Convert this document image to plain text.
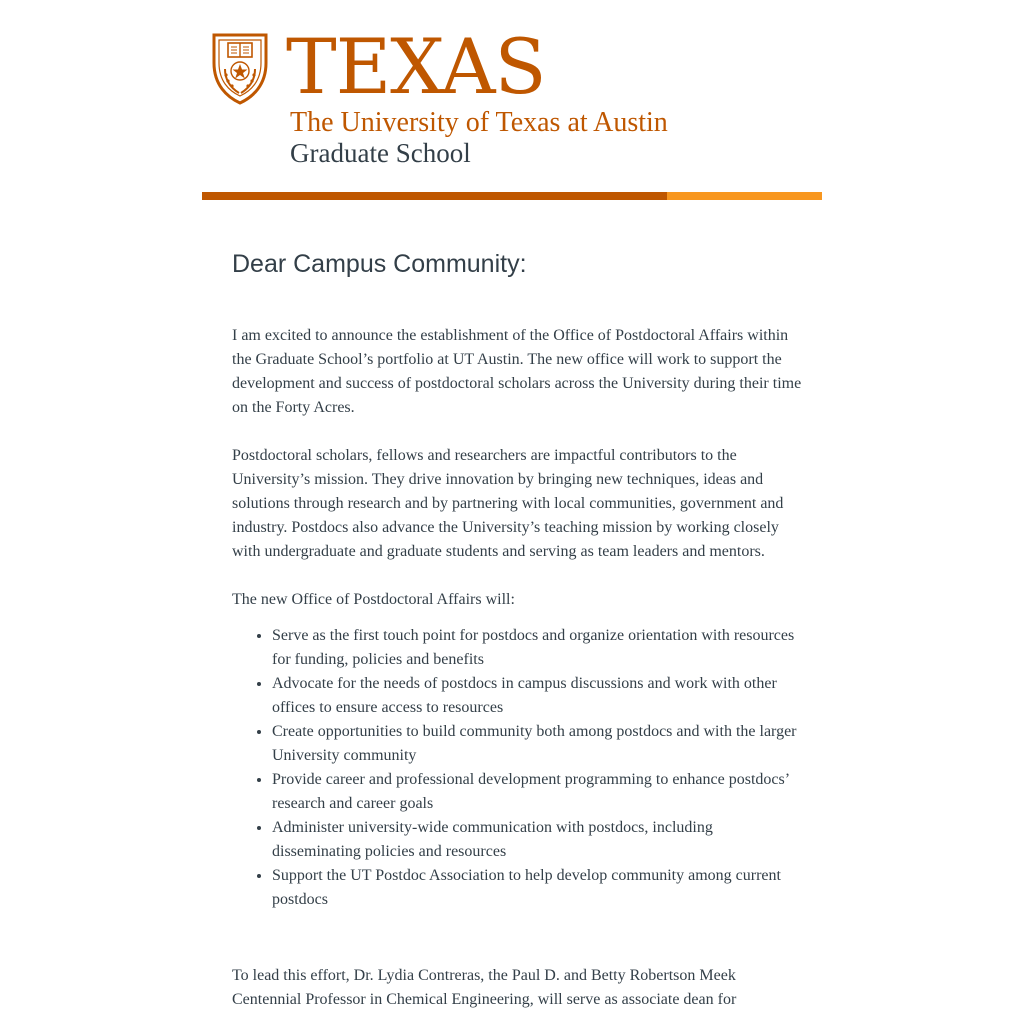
TEXAS
The University of Texas at Austin
Graduate School
Dear Campus Community:

I am excited to announce the establishment of the Office of Postdoctoral Affairs within the Graduate School’s portfolio at UT Austin. The new office will work to support the development and success of postdoctoral scholars across the University during their time on the Forty Acres.

Postdoctoral scholars, fellows and researchers are impactful contributors to the University’s mission. They drive innovation by bringing new techniques, ideas and solutions through research and by partnering with local communities, government and industry. Postdocs also advance the University’s teaching mission by working closely with undergraduate and graduate students and serving as team leaders and mentors.

The new Office of Postdoctoral Affairs will:

• Serve as the first touch point for postdocs and organize orientation with resources for funding, policies and benefits
• Advocate for the needs of postdocs in campus discussions and work with other offices to ensure access to resources
• Create opportunities to build community both among postdocs and with the larger University community
• Provide career and professional development programming to enhance postdocs’ research and career goals
• Administer university-wide communication with postdocs, including disseminating policies and resources
• Support the UT Postdoc Association to help develop community among current postdocs

To lead this effort, Dr. Lydia Contreras, the Paul D. and Betty Robertson Meek Centennial Professor in Chemical Engineering, will serve as associate dean for
